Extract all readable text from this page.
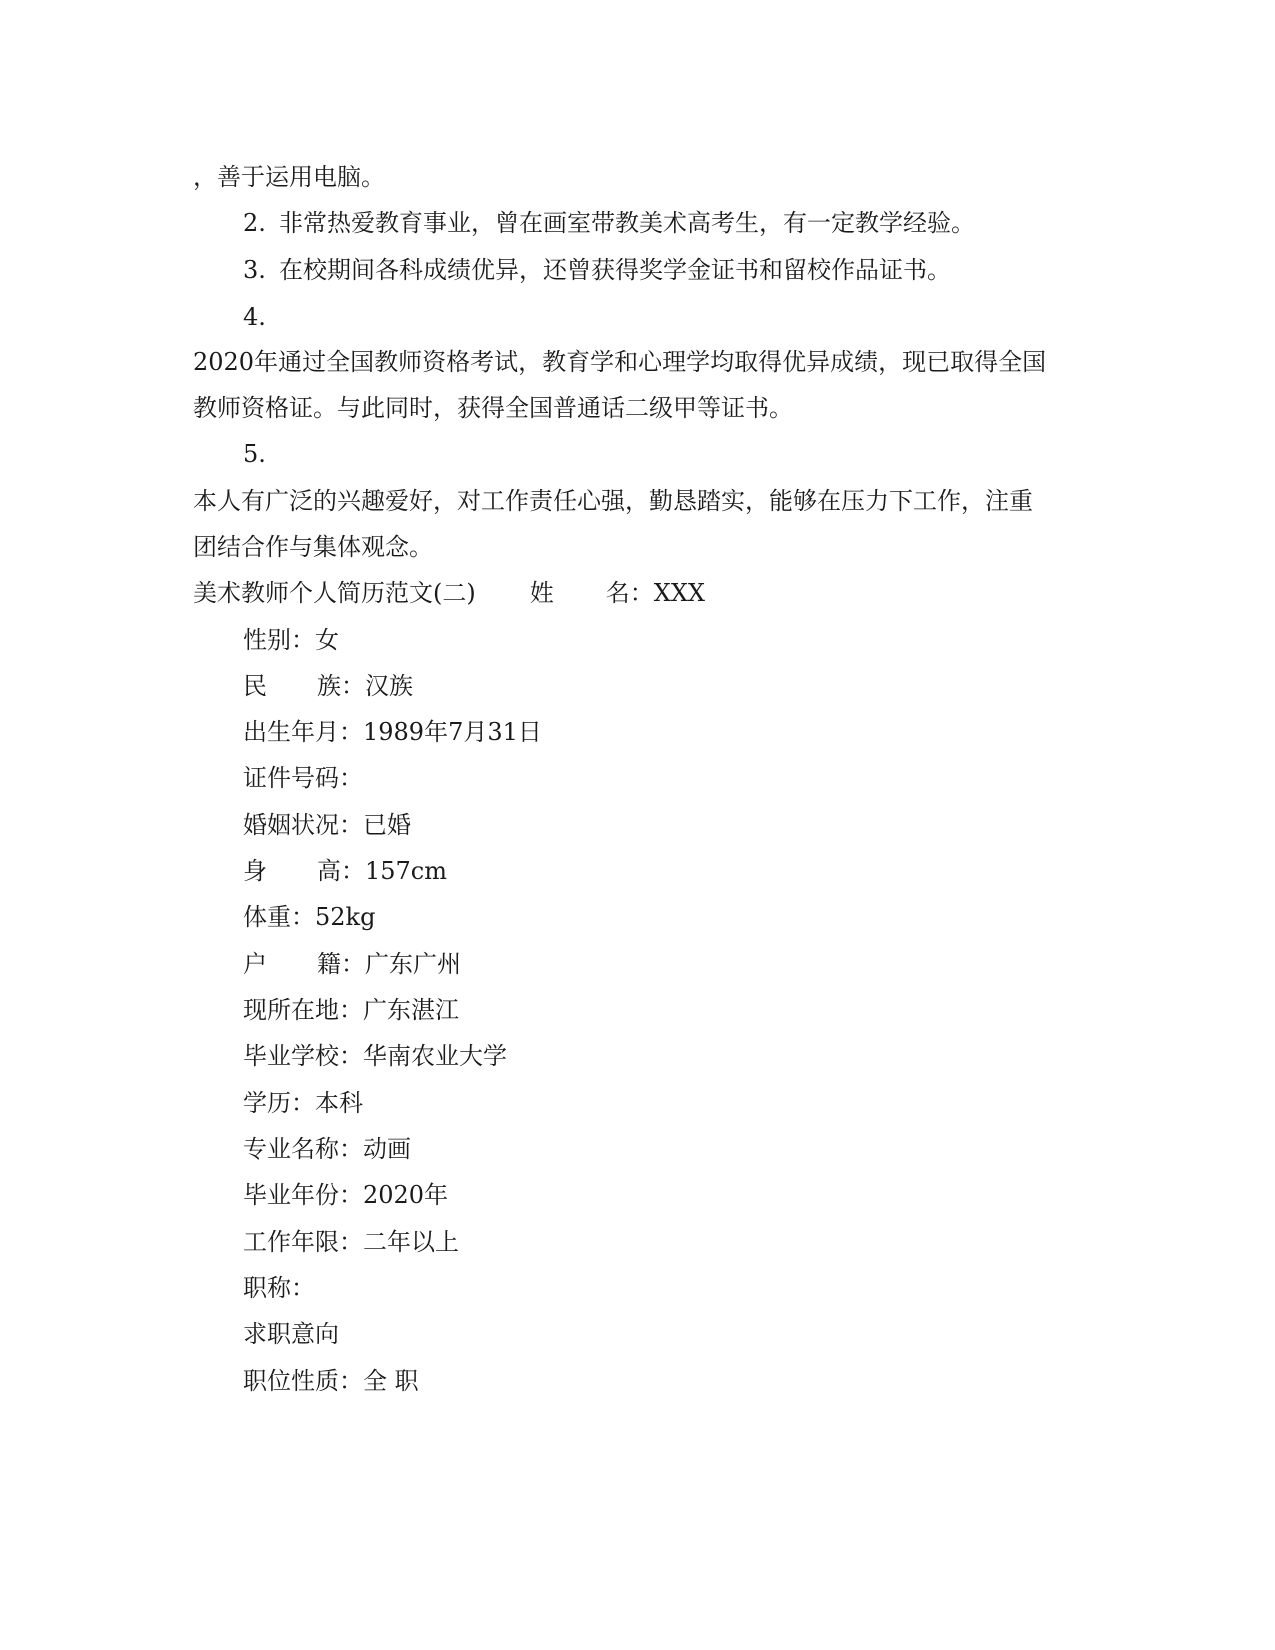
，善于运用电脑。
2. 非常热爱教育事业，曾在画室带教美术高考生，有一定教学经验。
3. 在校期间各科成绩优异，还曾获得奖学金证书和留校作品证书。
4.
2020年通过全国教师资格考试，教育学和心理学均取得优异成绩，现已取得全国
教师资格证。与此同时，获得全国普通话二级甲等证书。
5.
本人有广泛的兴趣爱好，对工作责任心强，勤恳踏实，能够在压力下工作，注重
团结合作与集体观念。
美术教师个人简历范文(二) 姓 名：XXX
性别：女
民 族：汉族
出生年月：1989年7月31日
证件号码：
婚姻状况：已婚
身 高：157cm
体重：52kg
户 籍：广东广州
现所在地：广东湛江
毕业学校：华南农业大学
学历：本科
专业名称：动画
毕业年份：2020年
工作年限：二年以上
职称：
求职意向
职位性质：全 职
